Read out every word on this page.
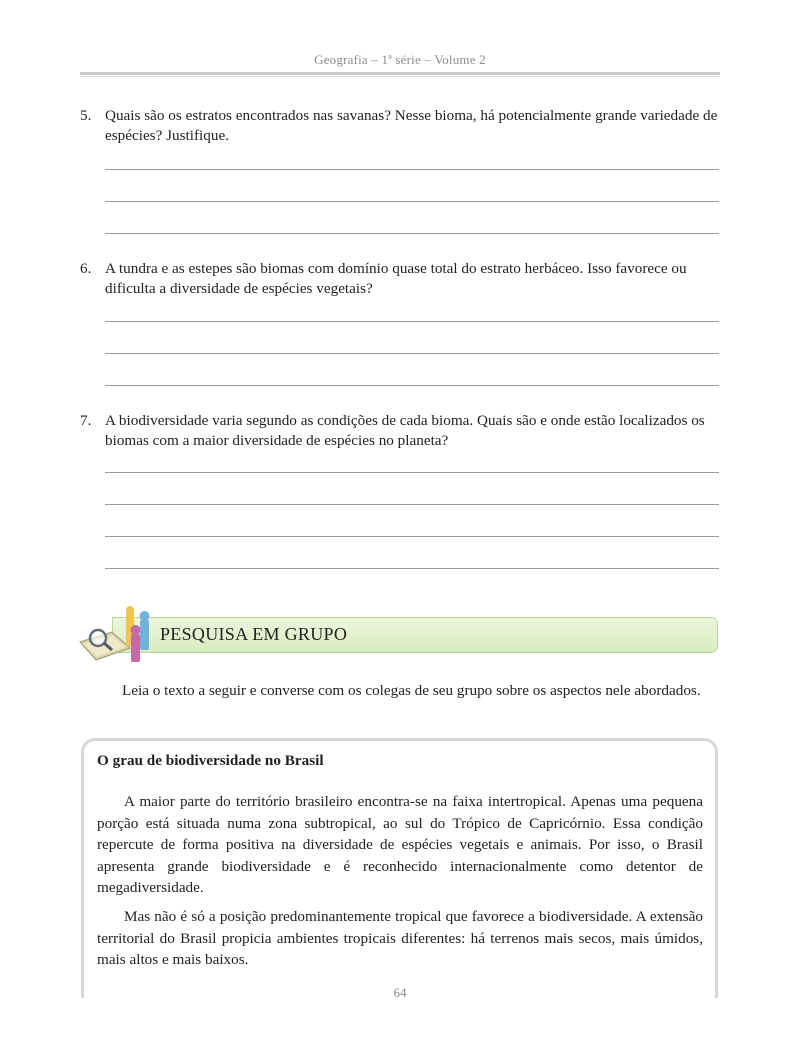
Geografia – 1ª série – Volume 2
5. Quais são os estratos encontrados nas savanas? Nesse bioma, há potencialmente grande variedade de espécies? Justifique.
6. A tundra e as estepes são biomas com domínio quase total do estrato herbáceo. Isso favorece ou dificulta a diversidade de espécies vegetais?
7. A biodiversidade varia segundo as condições de cada bioma. Quais são e onde estão localizados os biomas com a maior diversidade de espécies no planeta?
PESQUISA EM GRUPO
Leia o texto a seguir e converse com os colegas de seu grupo sobre os aspectos nele abordados.
O grau de biodiversidade no Brasil

A maior parte do território brasileiro encontra-se na faixa intertropical. Apenas uma pequena porção está situada numa zona subtropical, ao sul do Trópico de Capricórnio. Essa condição repercute de forma positiva na diversidade de espécies vegetais e animais. Por isso, o Brasil apresenta grande biodiversidade e é reconhecido internacionalmente como detentor de megadiversidade.

Mas não é só a posição predominantemente tropical que favorece a biodiversidade. A extensão territorial do Brasil propicia ambientes tropicais diferentes: há terrenos mais secos, mais úmidos, mais altos e mais baixos.

64
